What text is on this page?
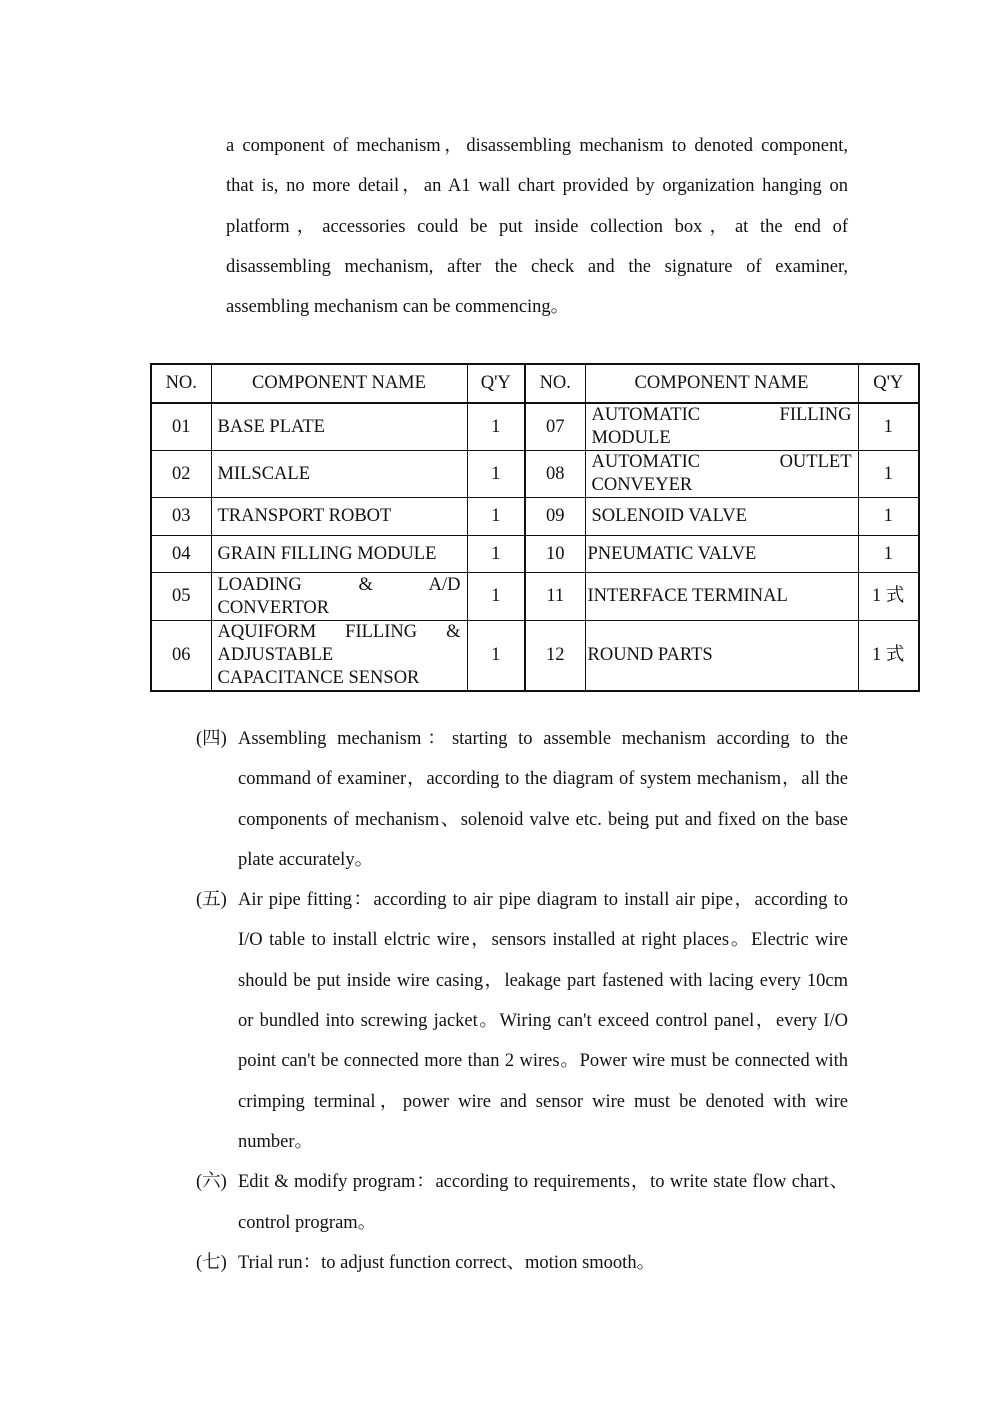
a component of mechanism，disassembling mechanism to denoted component, that is, no more detail，an A1 wall chart provided by organization hanging on platform，accessories could be put inside collection box，at the end of disassembling mechanism, after the check and the signature of examiner, assembling mechanism can be commencing。

NO.	COMPONENT NAME	Q'Y	NO.	COMPONENT NAME	Q'Y
01	BASE PLATE	1	07	AUTOMATIC FILLING MODULE	1
02	MILSCALE	1	08	AUTOMATIC OUTLET CONVEYER	1
03	TRANSPORT ROBOT	1	09	SOLENOID VALVE	1
04	GRAIN FILLING MODULE	1	10	PNEUMATIC VALVE	1
05	LOADING & A/D CONVERTOR	1	11	INTERFACE TERMINAL	1 式
06	AQUIFORM FILLING & ADJUSTABLE CAPACITANCE SENSOR	1	12	ROUND PARTS	1 式
(四) Assembling mechanism：starting to assemble mechanism according to the command of examiner，according to the diagram of system mechanism，all the components of mechanism、solenoid valve etc. being put and fixed on the base plate accurately。
(五) Air pipe fitting：according to air pipe diagram to install air pipe，according to I/O table to install elctric wire，sensors installed at right places。Electric wire should be put inside wire casing，leakage part fastened with lacing every 10cm or bundled into screwing jacket。Wiring can't exceed control panel，every I/O point can't be connected more than 2 wires。Power wire must be connected with crimping terminal，power wire and sensor wire must be denoted with wire number。
(六) Edit & modify program：according to requirements，to write state flow chart、control program。
(七) Trial run：to adjust function correct、motion smooth。
